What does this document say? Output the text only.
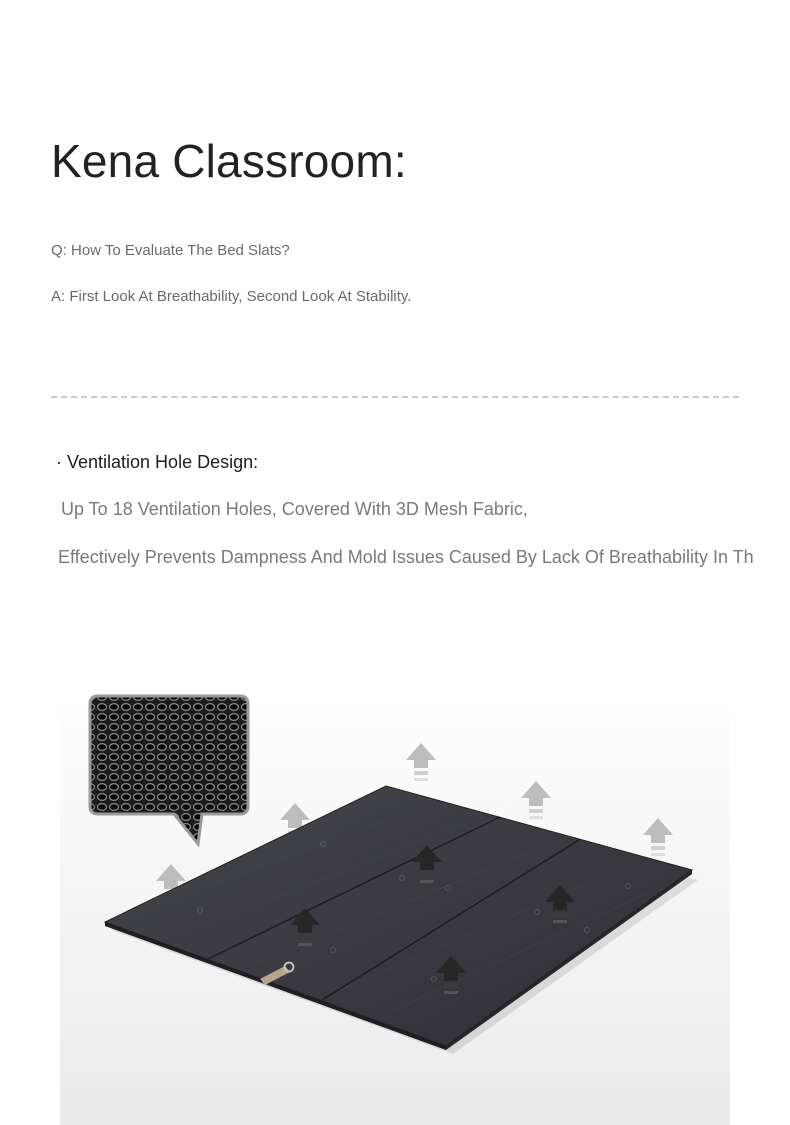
Kena Classroom:
Q: How To Evaluate The Bed Slats?
A: First Look At Breathability, Second Look At Stability.
· Ventilation Hole Design:
Up To 18 Ventilation Holes, Covered With 3D Mesh Fabric,
Effectively Prevents Dampness And Mold Issues Caused By Lack Of Breathability In Th
